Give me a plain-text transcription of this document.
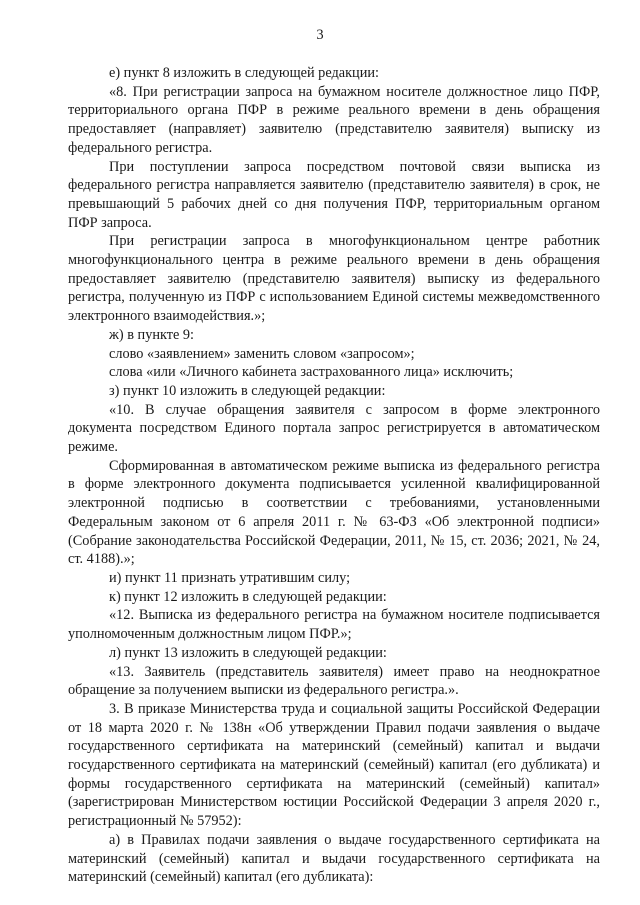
3

е) пункт 8 изложить в следующей редакции:

«8. При регистрации запроса на бумажном носителе должностное лицо ПФР, территориального органа ПФР в режиме реального времени в день обращения предоставляет (направляет) заявителю (представителю заявителя) выписку из федерального регистра.

При поступлении запроса посредством почтовой связи выписка из федерального регистра направляется заявителю (представителю заявителя) в срок, не превышающий 5 рабочих дней со дня получения ПФР, территориальным органом ПФР запроса.

При регистрации запроса в многофункциональном центре работник многофункционального центра в режиме реального времени в день обращения предоставляет заявителю (представителю заявителя) выписку из федерального регистра, полученную из ПФР с использованием Единой системы межведомственного электронного взаимодействия.»;

ж) в пункте 9:

слово «заявлением» заменить словом «запросом»;

слова «или «Личного кабинета застрахованного лица» исключить;

з) пункт 10 изложить в следующей редакции:

«10. В случае обращения заявителя с запросом в форме электронного документа посредством Единого портала запрос регистрируется в автоматическом режиме.

Сформированная в автоматическом режиме выписка из федерального регистра в форме электронного документа подписывается усиленной квалифицированной электронной подписью в соответствии с требованиями, установленными Федеральным законом от 6 апреля 2011 г. № 63-ФЗ «Об электронной подписи» (Собрание законодательства Российской Федерации, 2011, № 15, ст. 2036; 2021, № 24, ст. 4188).»;

и) пункт 11 признать утратившим силу;

к) пункт 12 изложить в следующей редакции:

«12. Выписка из федерального регистра на бумажном носителе подписывается уполномоченным должностным лицом ПФР.»;

л) пункт 13 изложить в следующей редакции:

«13. Заявитель (представитель заявителя) имеет право на неоднократное обращение за получением выписки из федерального регистра.».

3. В приказе Министерства труда и социальной защиты Российской Федерации от 18 марта 2020 г. № 138н «Об утверждении Правил подачи заявления о выдаче государственного сертификата на материнский (семейный) капитал и выдачи государственного сертификата на материнский (семейный) капитал (его дубликата) и формы государственного сертификата на материнский (семейный) капитал» (зарегистрирован Министерством юстиции Российской Федерации 3 апреля 2020 г., регистрационный № 57952):

а) в Правилах подачи заявления о выдаче государственного сертификата на материнский (семейный) капитал и выдачи государственного сертификата на материнский (семейный) капитал (его дубликата):
